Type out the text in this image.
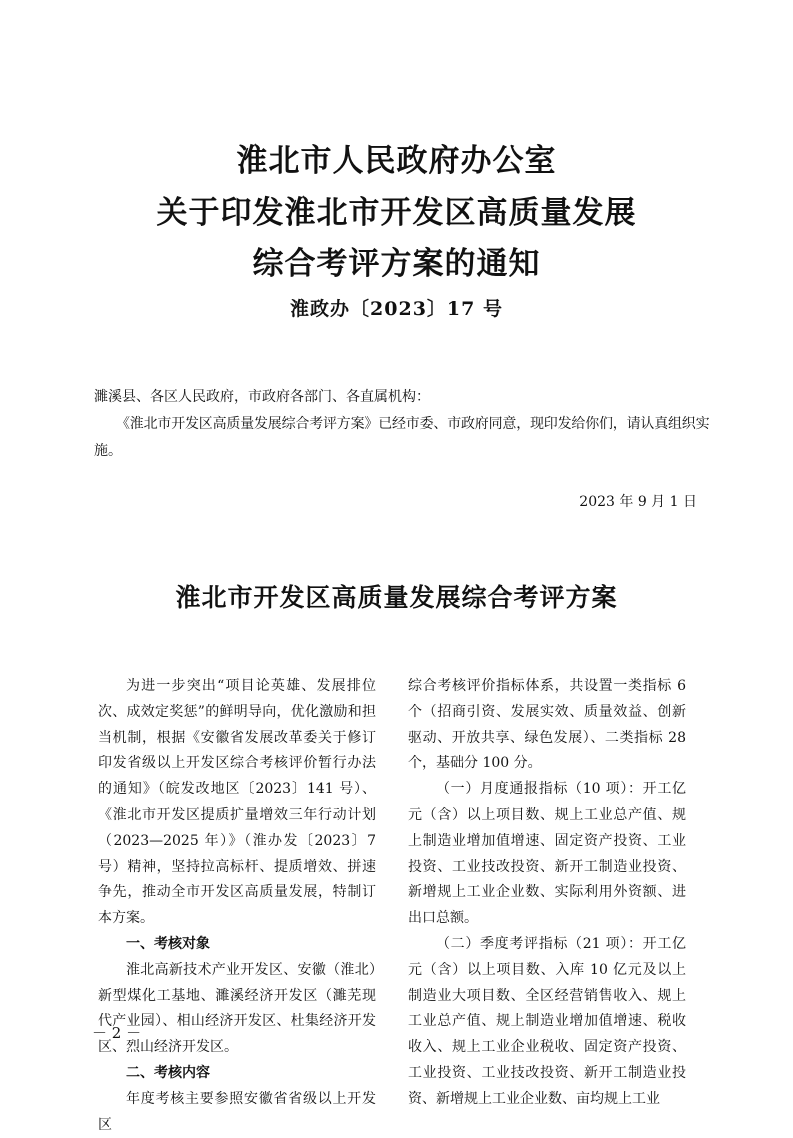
淮北市人民政府办公室
关于印发淮北市开发区高质量发展
综合考评方案的通知
淮政办〔2023〕17 号
濉溪县、各区人民政府，市政府各部门、各直属机构：
《淮北市开发区高质量发展综合考评方案》已经市委、市政府同意，现印发给你们，请认真组织实
施。
2023 年 9 月 1 日
淮北市开发区高质量发展综合考评方案

为进一步突出“项目论英雄、发展排位次、成效定奖惩”的鲜明导向，优化激励和担当机制，根据《安徽省发展改革委关于修订印发省级以上开发区综合考核评价暂行办法的通知》（皖发改地区〔2023〕141 号）、《淮北市开发区提质扩量增效三年行动计划（2023—2025 年）》（淮办发〔2023〕7 号）精神，坚持拉高标杆、提质增效、拼速争先，推动全市开发区高质量发展，特制订本方案。

一、考核对象

淮北高新技术产业开发区、安徽（淮北）新型煤化工基地、濉溪经济开发区（濉芜现代产业园）、相山经济开发区、杜集经济开发区、烈山经济开发区。

二、考核内容

年度考核主要参照安徽省省级以上开发区

综合考核评价指标体系，共设置一类指标 6 个（招商引资、发展实效、质量效益、创新驱动、开放共享、绿色发展）、二类指标 28 个，基础分 100 分。

（一）月度通报指标（10 项）：开工亿元（含）以上项目数、规上工业总产值、规上制造业增加值增速、固定资产投资、工业投资、工业技改投资、新开工制造业投资、新增规上工业企业数、实际利用外资额、进出口总额。

（二）季度考评指标（21 项）：开工亿元（含）以上项目数、入库 10 亿元及以上制造业大项目数、全区经营销售收入、规上工业总产值、规上制造业增加值增速、税收收入、规上工业企业税收、固定资产投资、工业投资、工业技改投资、新开工制造业投资、新增规上工业企业数、亩均规上工业

－ 2 －
